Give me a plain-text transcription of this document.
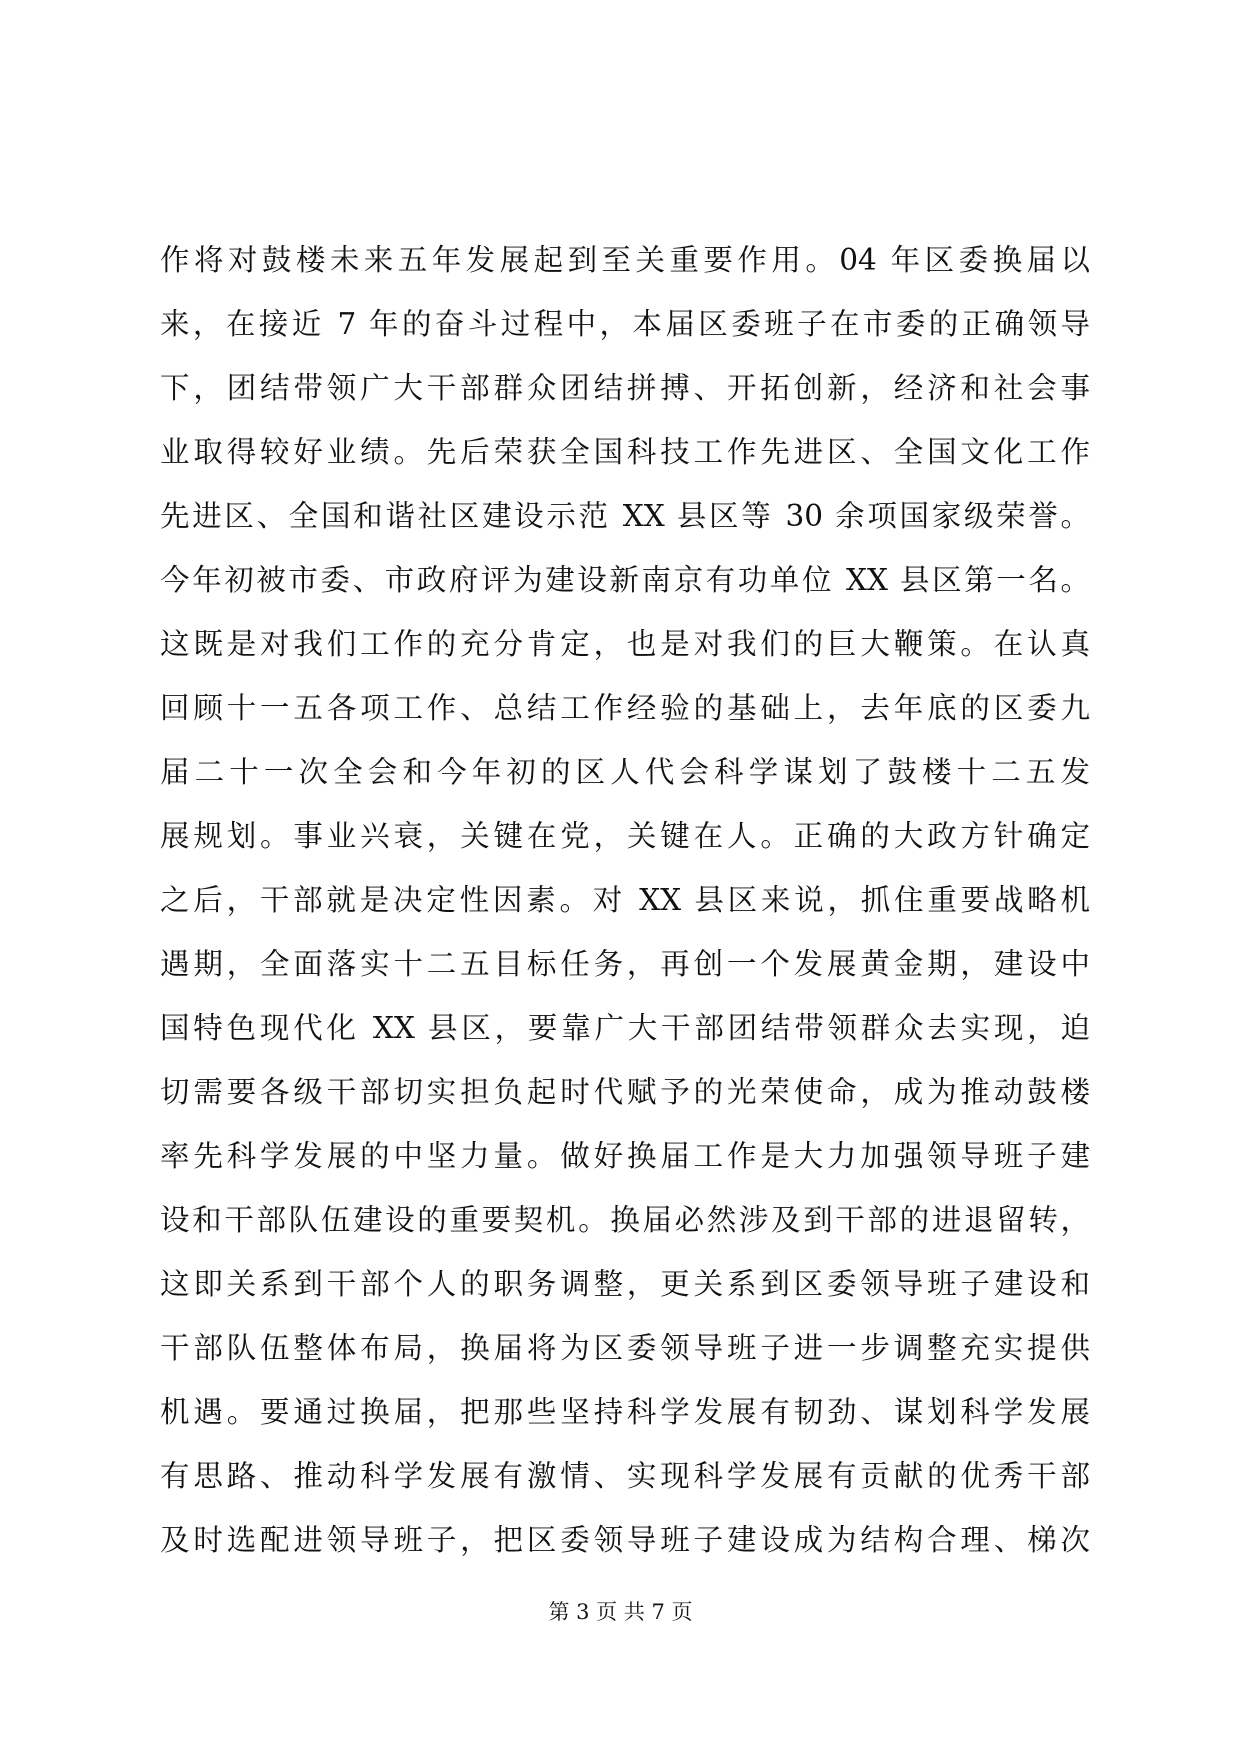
作将对鼓楼未来五年发展起到至关重要作用。04 年区委换届以
来，在接近 7 年的奋斗过程中，本届区委班子在市委的正确领导
下，团结带领广大干部群众团结拼搏、开拓创新，经济和社会事
业取得较好业绩。先后荣获全国科技工作先进区、全国文化工作
先进区、全国和谐社区建设示范 XX 县区等 30 余项国家级荣誉。
今年初被市委、市政府评为建设新南京有功单位 XX 县区第一名。
这既是对我们工作的充分肯定，也是对我们的巨大鞭策。在认真
回顾十一五各项工作、总结工作经验的基础上，去年底的区委九
届二十一次全会和今年初的区人代会科学谋划了鼓楼十二五发
展规划。事业兴衰，关键在党，关键在人。正确的大政方针确定
之后，干部就是决定性因素。对 XX 县区来说，抓住重要战略机
遇期，全面落实十二五目标任务，再创一个发展黄金期，建设中
国特色现代化 XX 县区，要靠广大干部团结带领群众去实现，迫
切需要各级干部切实担负起时代赋予的光荣使命，成为推动鼓楼
率先科学发展的中坚力量。做好换届工作是大力加强领导班子建
设和干部队伍建设的重要契机。换届必然涉及到干部的进退留转，
这即关系到干部个人的职务调整，更关系到区委领导班子建设和
干部队伍整体布局，换届将为区委领导班子进一步调整充实提供
机遇。要通过换届，把那些坚持科学发展有韧劲、谋划科学发展
有思路、推动科学发展有激情、实现科学发展有贡献的优秀干部
及时选配进领导班子，把区委领导班子建设成为结构合理、梯次
第 3 页 共 7 页
